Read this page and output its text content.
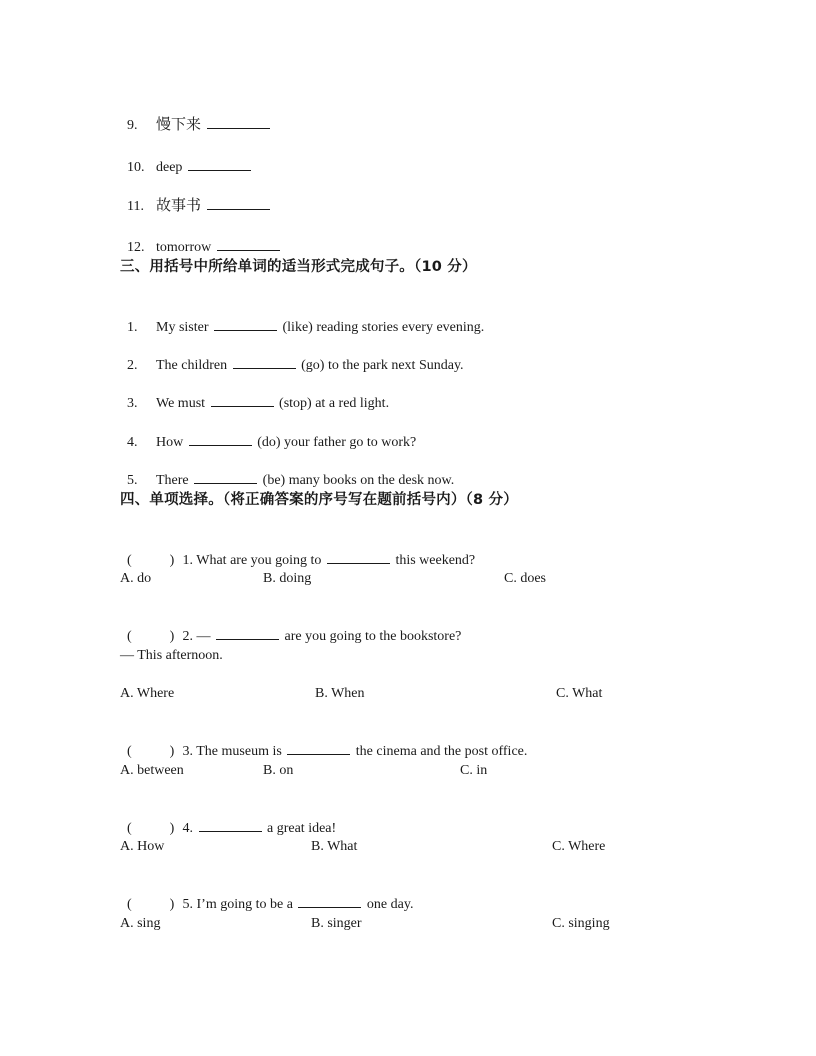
9. 慢下来

10. deep

11. 故事书

12. tomorrow

三、用括号中所给单词的适当形式完成句子。（10 分）

1. My sister	(like) reading stories every evening.

2. The children	(go) to the park next Sunday.

3. We must	(stop) at a red light.

4. How	(do) your father go to work?

5. There	(be) many books on the desk now.

四、单项选择。（将正确答案的序号写在题前括号内）（8 分）

(	) 1. What are you going to	this weekend?

A. do	B. doing	C. does

(	) 2. —	are you going to the bookstore?

— This afternoon.
A. Where	B. When	C. What

(	) 3. The museum is	the cinema and the post office.

A. between	B. on	C. in

(	) 4.	a great idea!

A. How	B. What	C. Where

(	) 5. I’m going to be a	one day.

A. sing	B. singer	C. singing
